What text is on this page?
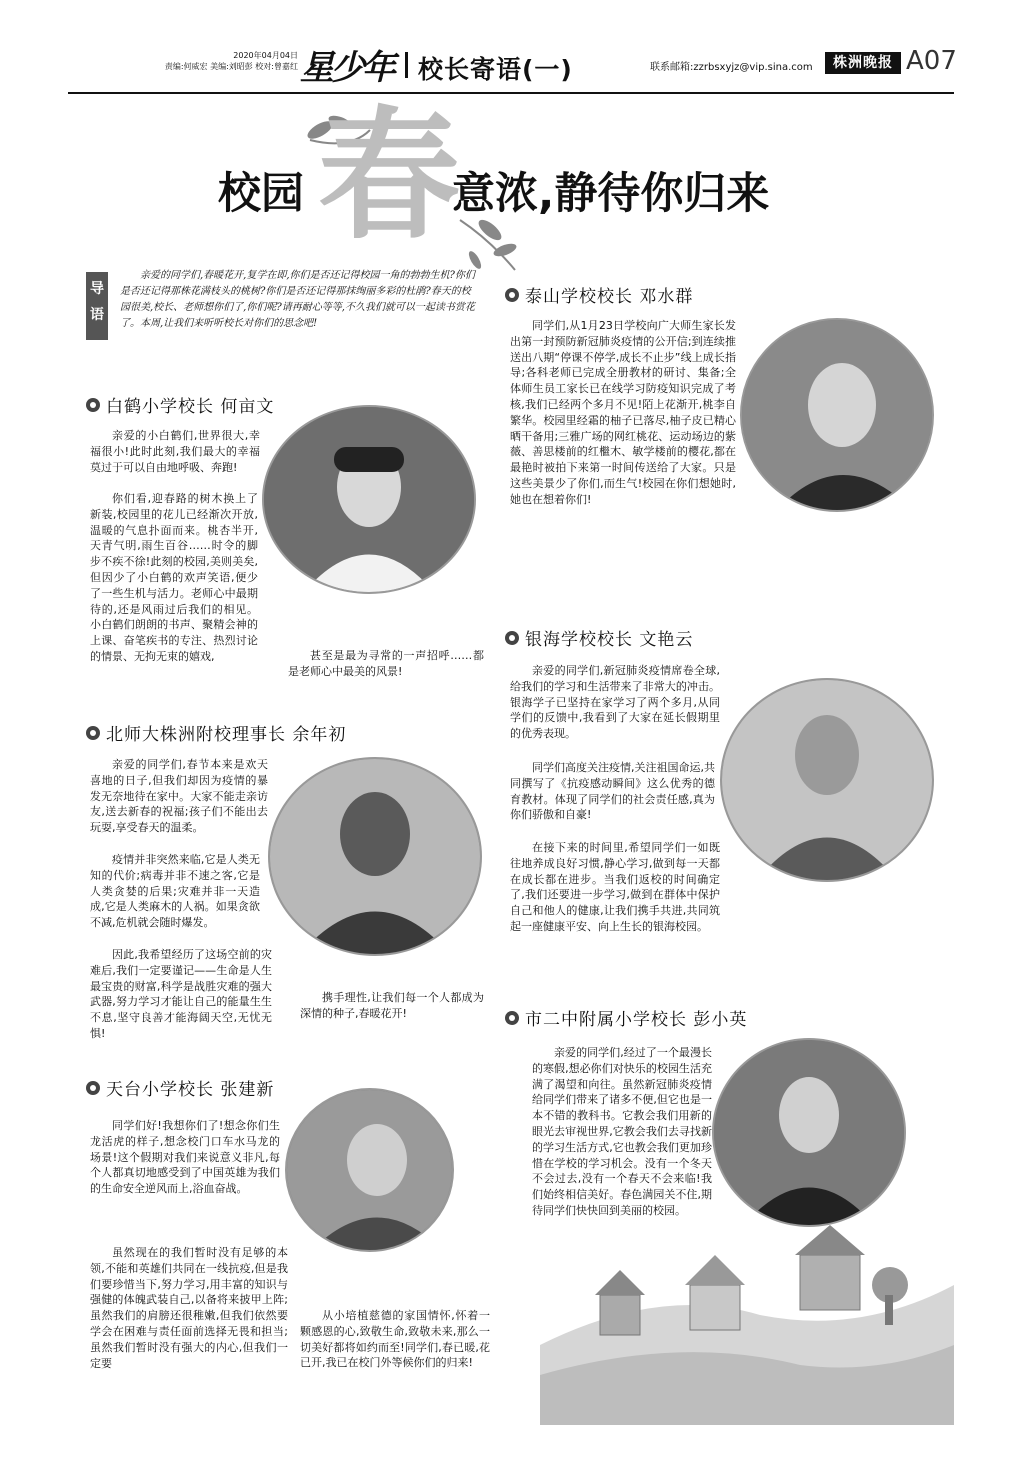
2020年04月04日
责编:何威宏 美编:刘昭彭 校对:曾嘉红 星少年 校长寄语(一)	联系邮箱:zzrbsxyjz@vip.sina.com	株洲晚报 A07
校园 春
意浓,静待你归来
导语
亲爱的同学们,春暖花开,复学在即,你们是否还记得校园一角的勃勃生机?你们是否还记得那株花满枝头的桃树?你们是否还记得那抹绚丽多彩的杜鹃?春天的校园很美,校长、老师想你们了,你们呢?请再耐心等等,不久我们就可以一起读书赏花了。本周,让我们来听听校长对你们的思念吧!
白鹤小学校长 何亩文
亲爱的小白鹤们,世界很大,幸福很小!此时此刻,我们最大的幸福莫过于可以自由地呼吸、奔跑!
你们看,迎春路的树木换上了新装,校园里的花儿已经渐次开放,温暖的气息扑面而来。桃杏半开,天青气明,雨生百谷……时令的脚步不疾不徐!此刻的校园,美则美矣,但因少了小白鹤的欢声笑语,便少了一些生机与活力。老师心中最期待的,还是风雨过后我们的相见。小白鹤们朗朗的书声、聚精会神的上课、奋笔疾书的专注、热烈讨论的情景、无拘无束的嬉戏,	甚至是最为寻常的一声招呼……都是老师心中最美的风景!
北师大株洲附校理事长 余年初
亲爱的同学们,春节本来是欢天喜地的日子,但我们却因为疫情的暴发无奈地待在家中。大家不能走亲访友,送去新春的祝福;孩子们不能出去玩耍,享受春天的温柔。
疫情并非突然来临,它是人类无知的代价;病毒并非不速之客,它是人类贪婪的后果;灾难并非一天造成,它是人类麻木的人祸。如果贪欲不减,危机就会随时爆发。
因此,我希望经历了这场空前的灾难后,我们一定要谨记——生命是人生最宝贵的财富,科学是战胜灾难的强大武器,努力学习才能让自己的能量生生不息,坚守良善才能海阔天空,无忧无惧!
携手理性,让我们每一个人都成为深情的种子,春暖花开!
天台小学校长 张建新
同学们好!我想你们了!想念你们生龙活虎的样子,想念校门口车水马龙的场景!这个假期对我们来说意义非凡,每个人都真切地感受到了中国英雄为我们的生命安全逆风而上,浴血奋战。
虽然现在的我们暂时没有足够的本领,不能和英雄们共同在一线抗疫,但是我们要珍惜当下,努力学习,用丰富的知识与强健的体魄武装自己,以备将来披甲上阵;虽然我们的肩膀还很稚嫩,但我们依然要学会在困难与责任面前选择无畏和担当;虽然我们暂时没有强大的内心,但我们一定要
从小培植慈德的家国情怀,怀着一颗感恩的心,致敬生命,致敬未来,那么一切美好都将如约而至!同学们,春已暖,花已开,我已在校门外等候你们的归来!
泰山学校校长 邓水群
同学们,从1月23日学校向广大师生家长发出第一封预防新冠肺炎疫情的公开信;到连续推送出八期“停课不停学,成长不止步”线上成长指导;各科老师已完成全册教材的研讨、集备;全体师生员工家长已在线学习防疫知识完成了考核,我们已经两个多月不见!陌上花渐开,桃李自繁华。校园里经霜的柚子已落尽,柚子皮已精心晒干备用;三雅广场的网红桃花、运动场边的紫薇、善思楼前的红檵木、敏学楼前的樱花,都在最艳时被拍下来第一时间传送给了大家。只是这些美景少了你们,而生气!校园在你们想她时,她也在想着你们!
银海学校校长 文艳云
亲爱的同学们,新冠肺炎疫情席卷全球,给我们的学习和生活带来了非常大的冲击。银海学子已坚持在家学习了两个多月,从同学们的反馈中,我看到了大家在延长假期里的优秀表现。
同学们高度关注疫情,关注祖国命运,共同撰写了《抗疫感动瞬间》这么优秀的德育教材。体现了同学们的社会责任感,真为你们骄傲和自豪!
在接下来的时间里,希望同学们一如既往地养成良好习惯,静心学习,做到每一天都在成长都在进步。当我们返校的时间确定了,我们还要进一步学习,做到在群体中保护自己和他人的健康,让我们携手共进,共同筑起一座健康平安、向上生长的银海校园。
市二中附属小学校长 彭小英
亲爱的同学们,经过了一个最漫长的寒假,想必你们对快乐的校园生活充满了渴望和向往。虽然新冠肺炎疫情给同学们带来了诸多不便,但它也是一本不错的教科书。它教会我们用新的眼光去审视世界,它教会我们去寻找新的学习生活方式,它也教会我们更加珍惜在学校的学习机会。没有一个冬天不会过去,没有一个春天不会来临!我们始终相信美好。春色满园关不住,期待同学们快快回到美丽的校园。
